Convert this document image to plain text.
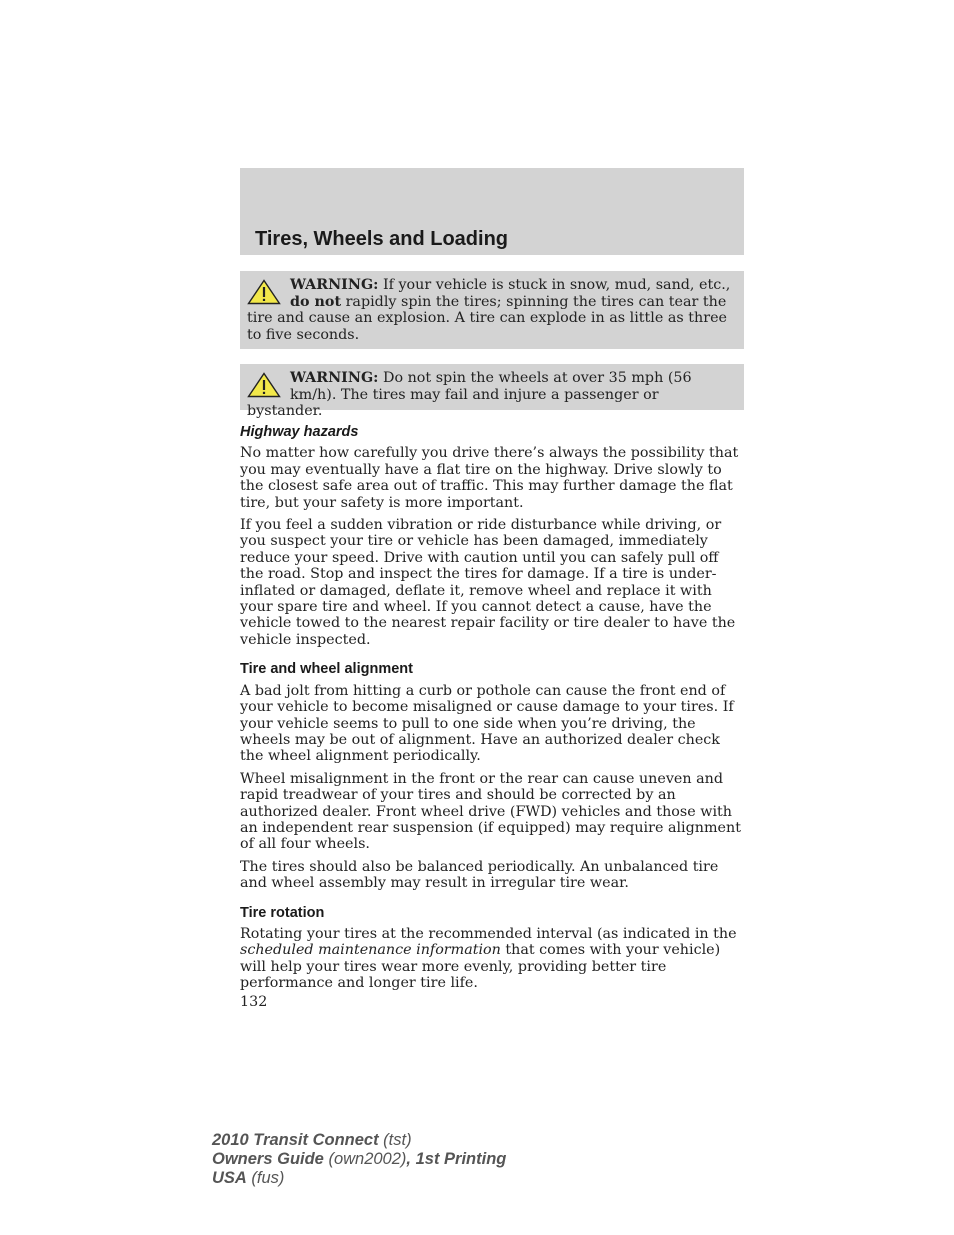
Tires, Wheels and Loading
WARNING: If your vehicle is stuck in snow, mud, sand, etc., do not rapidly spin the tires; spinning the tires can tear the tire and cause an explosion. A tire can explode in as little as three to five seconds.
WARNING: Do not spin the wheels at over 35 mph (56 km/h). The tires may fail and injure a passenger or bystander.
Highway hazards

No matter how carefully you drive there’s always the possibility that you may eventually have a flat tire on the highway. Drive slowly to the closest safe area out of traffic. This may further damage the flat tire, but your safety is more important.

If you feel a sudden vibration or ride disturbance while driving, or you suspect your tire or vehicle has been damaged, immediately reduce your speed. Drive with caution until you can safely pull off the road. Stop and inspect the tires for damage. If a tire is under-inflated or damaged, deflate it, remove wheel and replace it with your spare tire and wheel. If you cannot detect a cause, have the vehicle towed to the nearest repair facility or tire dealer to have the vehicle inspected.

Tire and wheel alignment

A bad jolt from hitting a curb or pothole can cause the front end of your vehicle to become misaligned or cause damage to your tires. If your vehicle seems to pull to one side when you’re driving, the wheels may be out of alignment. Have an authorized dealer check the wheel alignment periodically.

Wheel misalignment in the front or the rear can cause uneven and rapid treadwear of your tires and should be corrected by an authorized dealer. Front wheel drive (FWD) vehicles and those with an independent rear suspension (if equipped) may require alignment of all four wheels.

The tires should also be balanced periodically. An unbalanced tire and wheel assembly may result in irregular tire wear.

Tire rotation

Rotating your tires at the recommended interval (as indicated in the scheduled maintenance information that comes with your vehicle) will help your tires wear more evenly, providing better tire performance and longer tire life.

132
2010 Transit Connect (tst)
Owners Guide (own2002), 1st Printing
USA (fus)
